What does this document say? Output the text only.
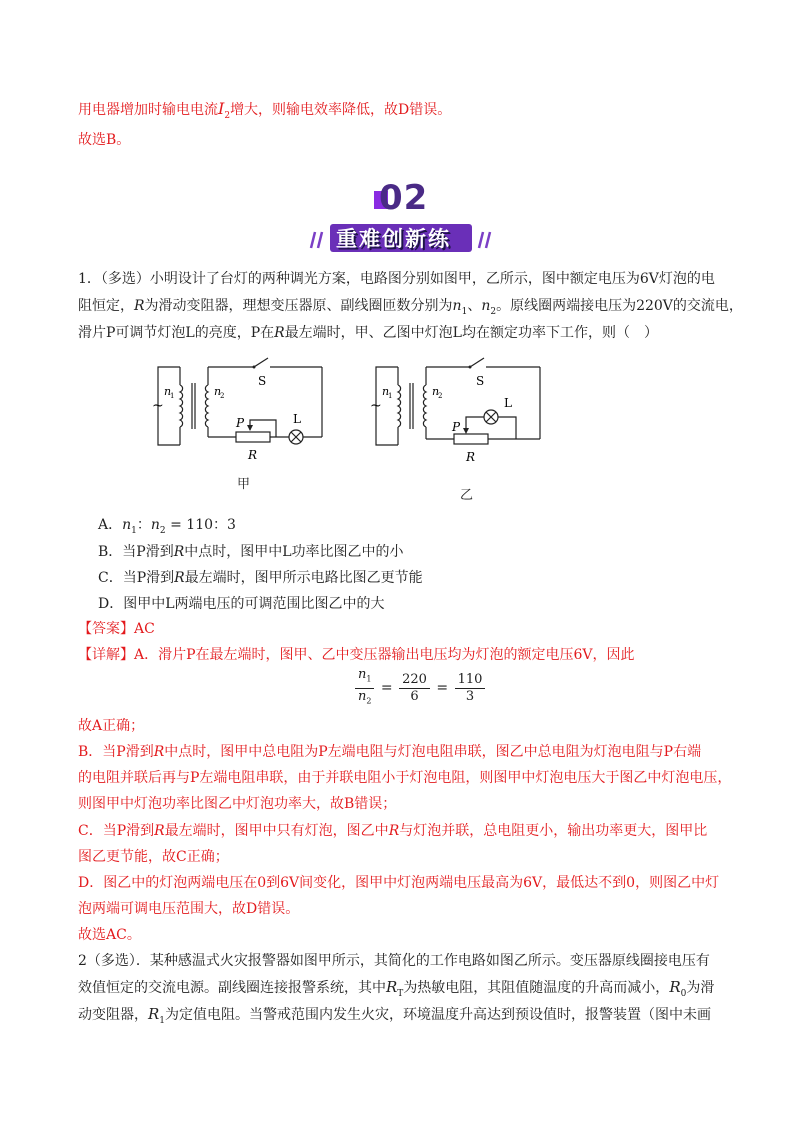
用电器增加时输电电流$I_2$增大，则输电效率降低，故D错误。
故选B。
02
重难创新练
1．（多选）小明设计了台灯的两种调光方案，电路图分别如图甲，乙所示，图中额定电压为6V灯泡的电
阻恒定，R为滑动变阻器，理想变压器原、副线圈匝数分别为$n_1$、$n_2$。原线圈两端接电压为220V的交流电，
滑片P可调节灯泡L的亮度，P在R最左端时，甲、乙图中灯泡L均在额定功率下工作，则（　）
~
n
1	n
2
S
P
R
L
甲
~
n
1	n
2
S
P
R
L
乙
A．$n_1$：$n_2 = 110$：3
B．当P滑到R中点时，图甲中L功率比图乙中的小
C．当P滑到R最左端时，图甲所示电路比图乙更节能
D．图甲中L两端电压的可调范围比图乙中的大
【答案】AC
【详解】A．滑片P在最左端时，图甲、乙中变压器输出电压均为灯泡的额定电压6V，因此
$\frac{n_1}{n_2} = \frac{220}{6} = \frac{110}{3}$
故A正确；
B．当P滑到R中点时，图甲中总电阻为P左端电阻与灯泡电阻串联，图乙中总电阻为灯泡电阻与P右端
的电阻并联后再与P左端电阻串联，由于并联电阻小于灯泡电阻，则图甲中灯泡电压大于图乙中灯泡电压，
则图甲中灯泡功率比图乙中灯泡功率大，故B错误；
C．当P滑到R最左端时，图甲中只有灯泡，图乙中R与灯泡并联，总电阻更小，输出功率更大，图甲比
图乙更节能，故C正确；
D．图乙中的灯泡两端电压在0到6V间变化，图甲中灯泡两端电压最高为6V，最低达不到0，则图乙中灯
泡两端可调电压范围大，故D错误。
故选AC。
2（多选）．某种感温式火灾报警器如图甲所示，其简化的工作电路如图乙所示。变压器原线圈接电压有
效值恒定的交流电源。副线圈连接报警系统，其中$R_T$为热敏电阻，其阻值随温度的升高而减小，$R_0$为滑
动变阻器，$R_1$为定值电阻。当警戒范围内发生火灾，环境温度升高达到预设值时，报警装置（图中未画
